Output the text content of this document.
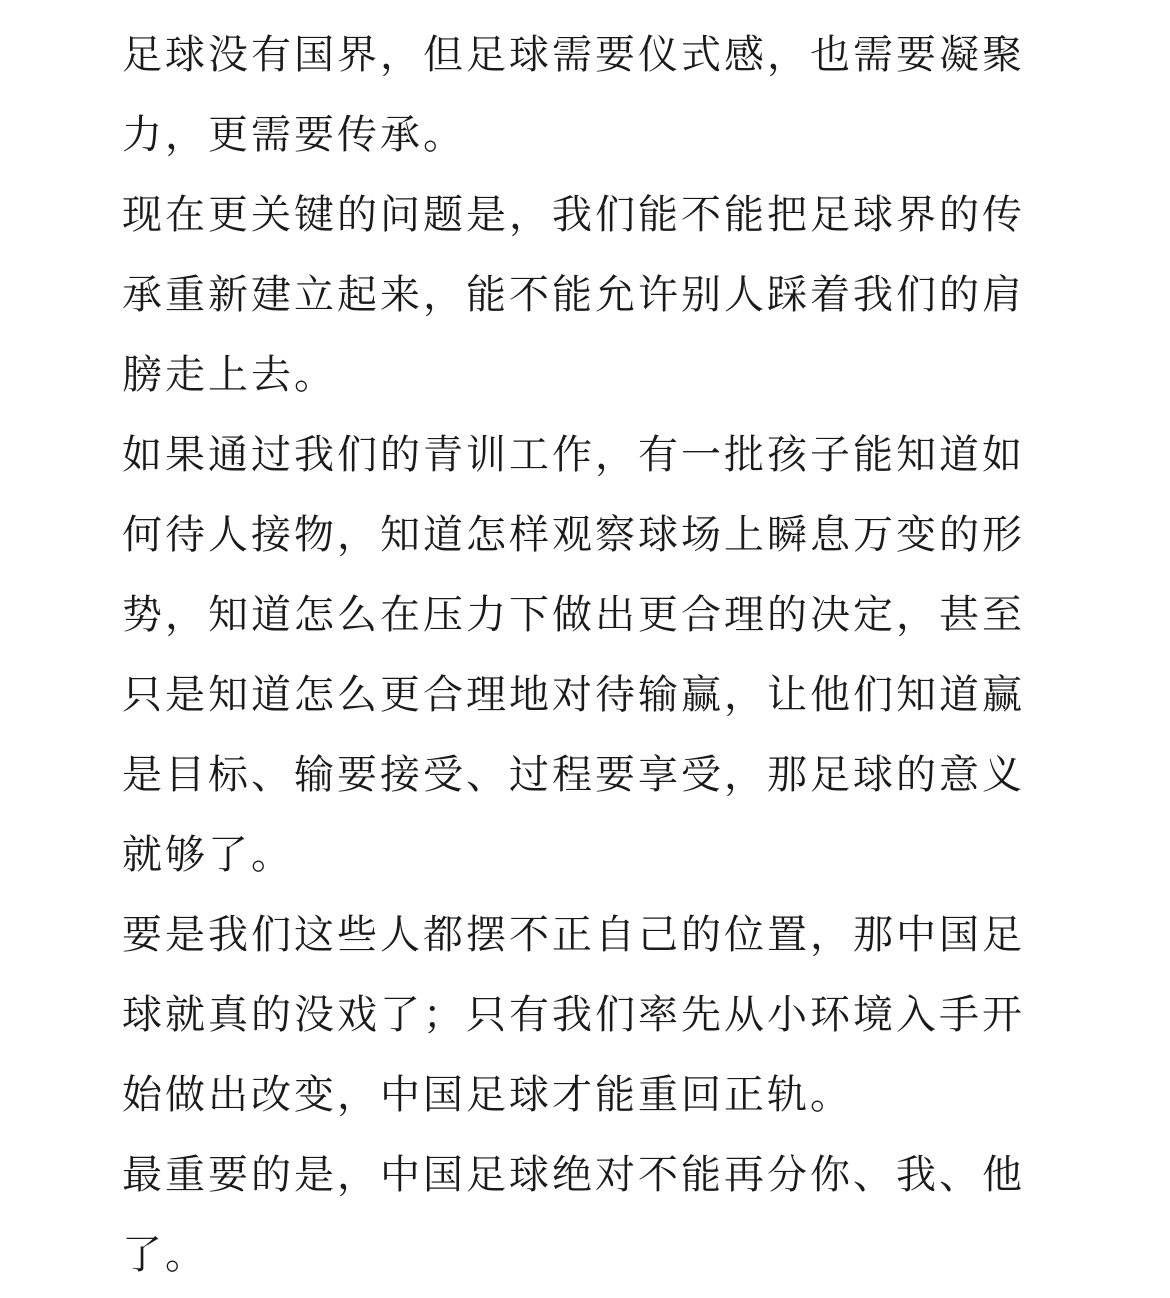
足球没有国界，但足球需要仪式感，也需要凝聚
力，更需要传承。
现在更关键的问题是，我们能不能把足球界的传
承重新建立起来，能不能允许别人踩着我们的肩
膀走上去。
如果通过我们的青训工作，有一批孩子能知道如
何待人接物，知道怎样观察球场上瞬息万变的形
势，知道怎么在压力下做出更合理的决定，甚至
只是知道怎么更合理地对待输赢，让他们知道赢
是目标、输要接受、过程要享受，那足球的意义
就够了。
要是我们这些人都摆不正自己的位置，那中国足
球就真的没戏了；只有我们率先从小环境入手开
始做出改变，中国足球才能重回正轨。
最重要的是，中国足球绝对不能再分你、我、他
了。
